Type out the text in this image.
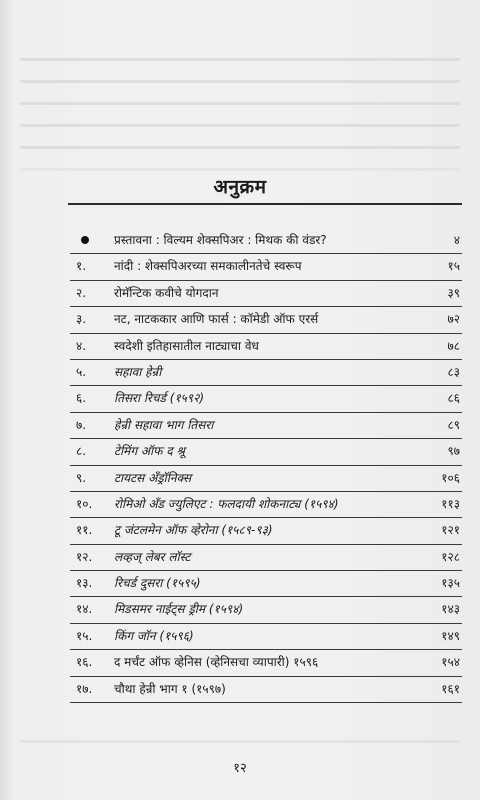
अनुक्रम
प्रस्तावना : विल्यम शेक्सपिअर : मिथक की वंडर?	४
१.	नांदी : शेक्सपिअरच्या समकालीनतेचे स्वरूप	१५
२.	रोमॅन्टिक कवीचे योगदान	३९
३.	नट, नाटककार आणि फार्स : कॉमेडी ऑफ एरर्स	७२
४.	स्वदेशी इतिहासातील नाट्याचा वेध	७८
५.	सहावा हेन्री	८३
६.	तिसरा रिचर्ड (१५९२)	८६
७.	हेन्री सहावा भाग तिसरा	८९
८.	टेमिंग ऑफ द श्रू	९७
९.	टायटस अँड्रॉनिक्स	१०६
१०.	रोमिओ अँड ज्युलिएट : फलदायी शोकनाट्य (१५९४)	११३
११.	टू जंटलमेन ऑफ व्हेरोना (१५८९-९३)	१२१
१२.	लव्हज् लेबर लॉस्ट	१२८
१३.	रिचर्ड दुसरा (१५९५)	१३५
१४.	मिडसमर नाईट्स ड्रीम (१५९४)	१४३
१५.	किंग जॉन (१५९६)	१४९
१६.	द मर्चंट ऑफ व्हेनिस (व्हेनिसचा व्यापारी) १५९६	१५४
१७.	चौथा हेन्री भाग १ (१५९७)	१६१
१२
